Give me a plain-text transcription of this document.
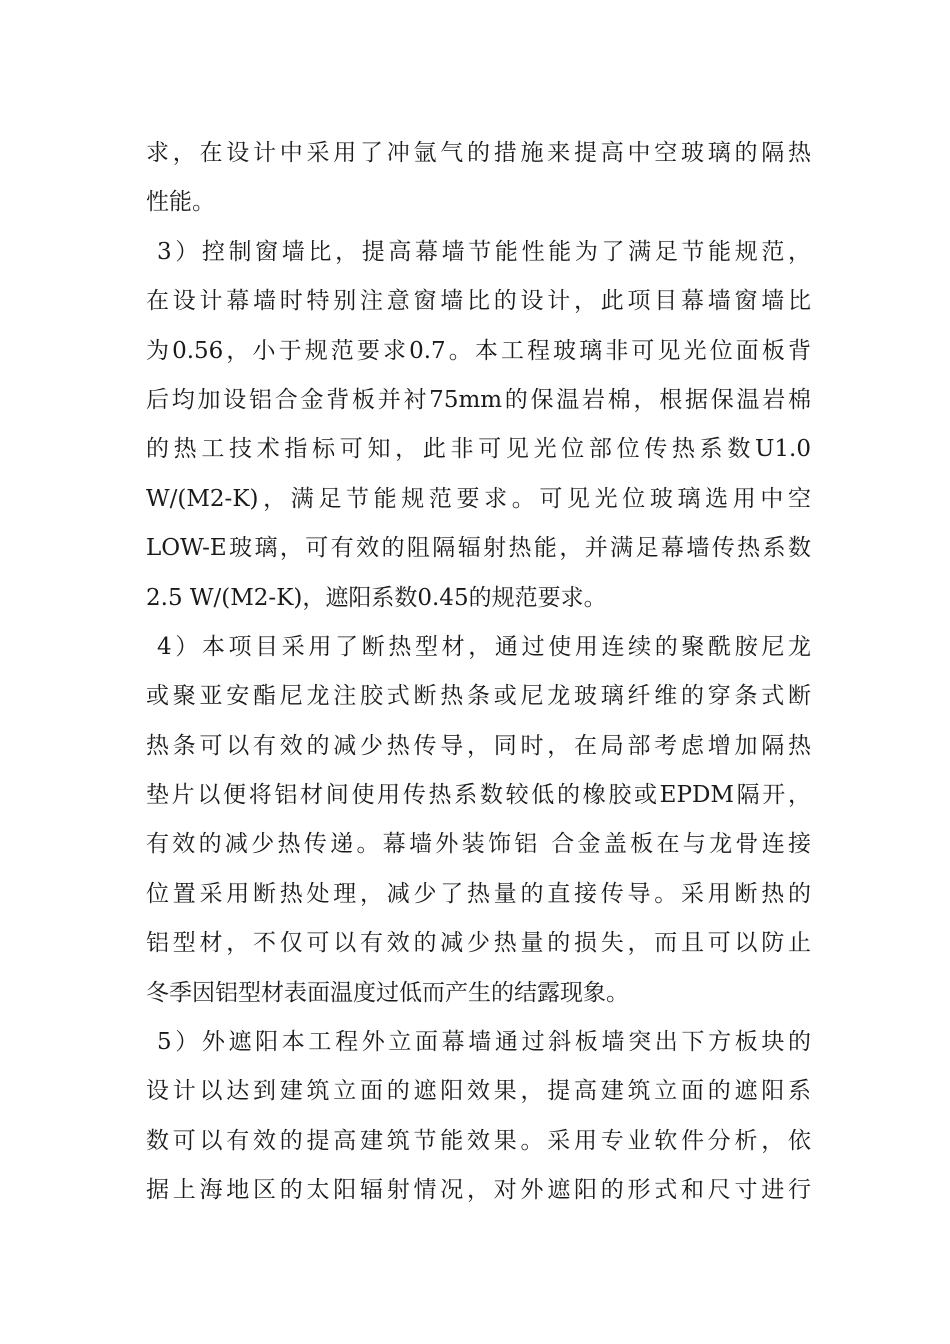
求，在设计中采用了冲氩气的措施来提高中空玻璃的隔热
性能。
3）控制窗墙比，提高幕墙节能性能为了满足节能规范，
在设计幕墙时特别注意窗墙比的设计，此项目幕墙窗墙比
为0.56，小于规范要求0.7。本工程玻璃非可见光位面板背
后均加设铝合金背板并衬75mm的保温岩棉，根据保温岩棉
的热工技术指标可知，此非可见光位部位传热系数U1.0
W/(M2-K)，满足节能规范要求。可见光位玻璃选用中空
LOW-E玻璃，可有效的阻隔辐射热能，并满足幕墙传热系数
2.5 W/(M2-K)，遮阳系数0.45的规范要求。
4）本项目采用了断热型材，通过使用连续的聚酰胺尼龙
或聚亚安酯尼龙注胶式断热条或尼龙玻璃纤维的穿条式断
热条可以有效的减少热传导，同时，在局部考虑增加隔热
垫片以便将铝材间使用传热系数较低的橡胶或EPDM隔开，
有效的减少热传递。幕墙外装饰铝 合金盖板在与龙骨连接
位置采用断热处理，减少了热量的直接传导。采用断热的
铝型材，不仅可以有效的减少热量的损失，而且可以防止
冬季因铝型材表面温度过低而产生的结露现象。
5）外遮阳本工程外立面幕墙通过斜板墙突出下方板块的
设计以达到建筑立面的遮阳效果，提高建筑立面的遮阳系
数可以有效的提高建筑节能效果。采用专业软件分析，依
据上海地区的太阳辐射情况，对外遮阳的形式和尺寸进行
